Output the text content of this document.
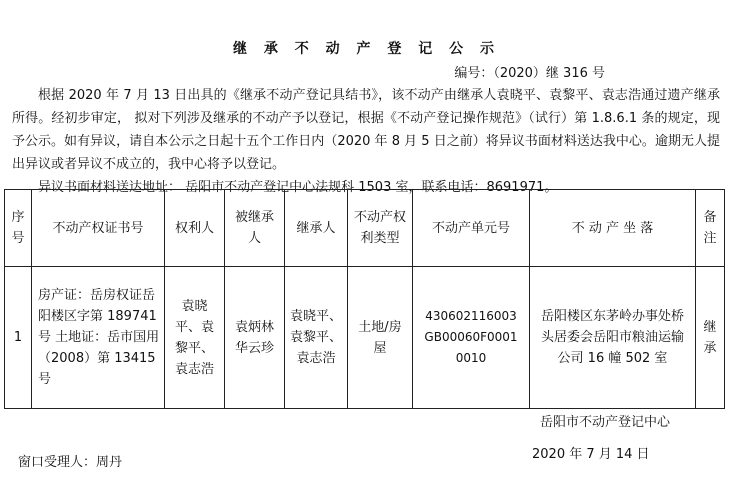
继 承 不 动 产 登 记 公 示
编号：（2020）继 316 号

根据 2020 年 7 月 13 日出具的《继承不动产登记具结书》，该不动产由继承人袁晓平、袁黎平、袁志浩通过遗产继承所得。经初步审定， 拟对下列涉及继承的不动产予以登记，根据《不动产登记操作规范》（试行）第 1.8.6.1 条的规定，现予公示。如有异议，请自本公示之日起十五个工作日内（2020 年 8 月 5 日之前）将异议书面材料送达我中心。逾期无人提出异议或者异议不成立的，我中心将予以登记。

异议书面材料送达地址： 岳阳市不动产登记中心法规科 1503 室，联系电话：8691971。

序号	不动产权证书号	权利人	被继承人	继承人	不动产权利类型	不动产单元号	不 动 产 坐 落	备注
1	房产证：岳房权证岳阳楼区字第 189741 号 土地证：岳市国用（2008）第 13415 号	袁晓平、袁黎平、袁志浩	袁炳林 华云珍	袁晓平、袁黎平、袁志浩	土地/房屋	430602116003GB00060F00010010	岳阳楼区东茅岭办事处桥头居委会岳阳市粮油运输公司 16 幢 502 室	继承
岳阳市不动产登记中心
2020 年 7 月 14 日
窗口受理人：周丹
